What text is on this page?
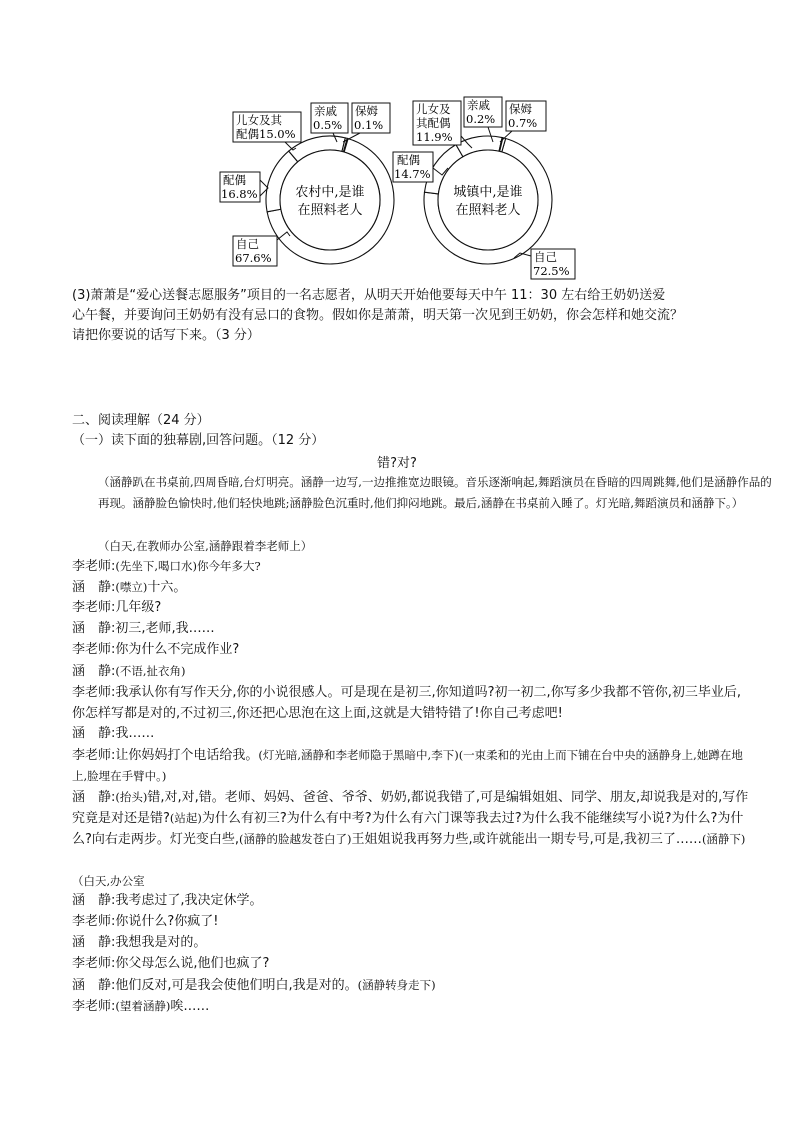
农村中,是谁
在照料老人
儿女及其
配偶15.0%
亲戚
0.5%
保姆
0.1%
配偶
16.8%
自己
67.6%
城镇中,是谁
在照料老人
儿女及
其配偶
11.9%
亲戚
0.2%
保姆
0.7%
配偶
14.7%
自己
72.5%
(3)萧萧是“爱心送餐志愿服务”项目的一名志愿者，从明天开始他要每天中午 11：30 左右给王奶奶送爱
心午餐，并要询问王奶奶有没有忌口的食物。假如你是萧萧，明天第一次见到王奶奶，你会怎样和她交流？
请把你要说的话写下来。（3 分）
二、阅读理解（24 分）
（一）读下面的独幕剧,回答问题。（12 分）
错?对?
（涵静趴在书桌前,四周昏暗,台灯明亮。涵静一边写,一边推推宽边眼镜。音乐逐渐响起,舞蹈演员在昏暗的四周跳舞,他们是涵静作品的再现。涵静脸色愉快时,他们轻快地跳;涵静脸色沉重时,他们抑闷地跳。最后,涵静在书桌前入睡了。灯光暗,舞蹈演员和涵静下。）
（白天,在教师办公室,涵静跟着李老师上）
李老师:(先坐下,喝口水)你今年多大?
涵　静:(噤立)十六。
李老师:几年级?
涵　静:初三,老师,我……
李老师:你为什么不完成作业?
涵　静:(不语,扯衣角)
李老师:我承认你有写作天分,你的小说很感人。可是现在是初三,你知道吗?初一初二,你写多少我都不管你,初三毕业后,你怎样写都是对的,不过初三,你还把心思泡在这上面,这就是大错特错了!你自己考虑吧!
涵　静:我……
李老师:让你妈妈打个电话给我。(灯光暗,涵静和李老师隐于黑暗中,李下)(一束柔和的光由上而下铺在台中央的涵静身上,她蹲在地上,脸埋在手臂中。)
涵　静:(抬头)错,对,对,错。老师、妈妈、爸爸、爷爷、奶奶,都说我错了,可是编辑姐姐、同学、朋友,却说我是对的,写作究竟是对还是错?(站起)为什么有初三?为什么有中考?为什么有六门课等我去过?为什么我不能继续写小说?为什么?为什么?向右走两步。灯光变白些,(涵静的脸越发苍白了)王姐姐说我再努力些,或许就能出一期专号,可是,我初三了……(涵静下)
（白天,办公室
涵　静:我考虑过了,我决定休学。
李老师:你说什么?你疯了!
涵　静:我想我是对的。
李老师:你父母怎么说,他们也疯了?
涵　静:他们反对,可是我会使他们明白,我是对的。(涵静转身走下)
李老师:(望着涵静)唉……
